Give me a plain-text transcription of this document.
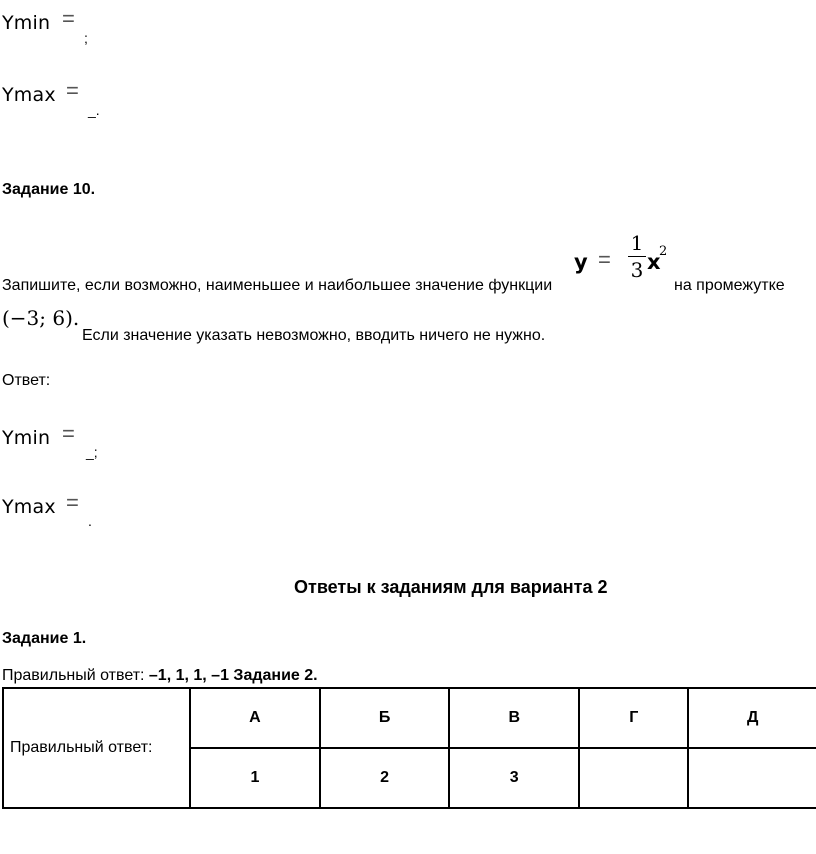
Ymin =
;
Ymax =
_.
Задание 10.
Запишите, если возможно, наименьшее и наибольшее значение функции
y =
1
3 x
2
на промежутке
(−3; 6).
Если значение указать невозможно, вводить ничего не нужно.
Ответ:
Ymin =
_;
Ymax =
.
Ответы к заданиям для варианта 2
Задание 1.
Правильный ответ: –1, 1, 1, –1 Задание 2.
Правильный ответ:	А	Б	В	Г	Д
	1	2	3		
